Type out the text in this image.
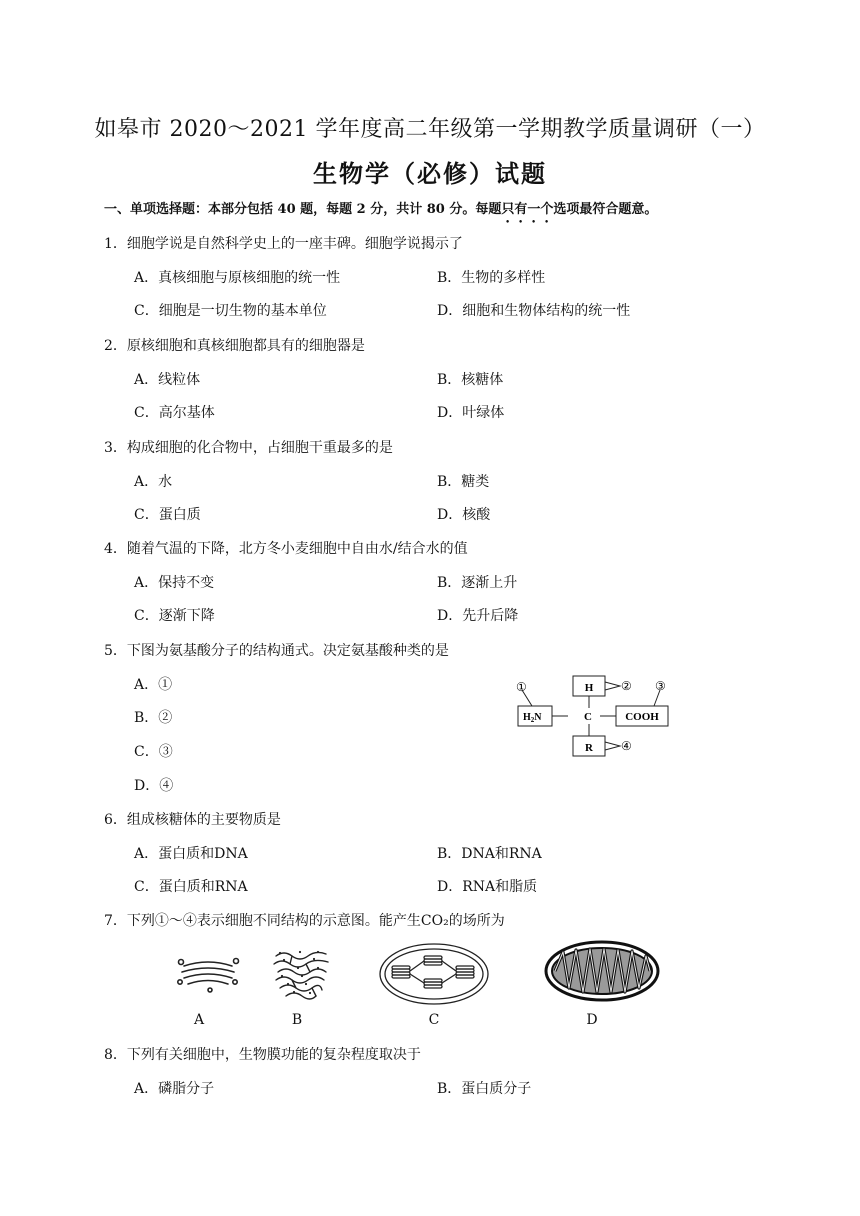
如皋市 2020～2021 学年度高二年级第一学期教学质量调研（一）
生物学（必修）试题
一、单项选择题：本部分包括 40 题，每题 2 分，共计 80 分。每题只有一个选项最符合题意。
1．细胞学说是自然科学史上的一座丰碑。细胞学说揭示了
A．真核细胞与原核细胞的统一性	B．生物的多样性
C．细胞是一切生物的基本单位	D．细胞和生物体结构的统一性
2．原核细胞和真核细胞都具有的细胞器是
A．线粒体	B．核糖体
C．高尔基体	D．叶绿体
3．构成细胞的化合物中，占细胞干重最多的是
A．水	B．糖类
C．蛋白质	D．核酸
4．随着气温的下降，北方冬小麦细胞中自由水/结合水的值
A．保持不变	B．逐渐上升
C．逐渐下降	D．先升后降
5．下图为氨基酸分子的结构通式。决定氨基酸种类的是
A．①
B．②
C．③
D．④
H
C	COOH
R
$H_2N$
①	② ③
④
6．组成核糖体的主要物质是
A．蛋白质和DNA	B．DNA和RNA
C．蛋白质和RNA	D．RNA和脂质
7．下列①～④表示细胞不同结构的示意图。能产生CO₂的场所为
A	B	C	D
8．下列有关细胞中，生物膜功能的复杂程度取决于
A．磷脂分子	B．蛋白质分子
